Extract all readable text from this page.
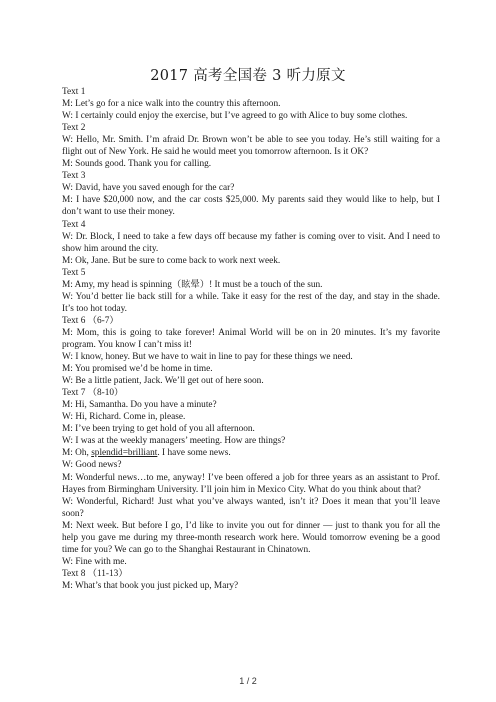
2017 高考全国卷 3 听力原文
Text 1
M: Let’s go for a nice walk into the country this afternoon.
W: I certainly could enjoy the exercise, but I’ve agreed to go with Alice to buy some clothes.
Text 2
W: Hello, Mr. Smith. I’m afraid Dr. Brown won’t be able to see you today. He’s still waiting for a flight out of New York. He said he would meet you tomorrow afternoon. Is it OK?
M: Sounds good. Thank you for calling.
Text 3
W: David, have you saved enough for the car?
M: I have $20,000 now, and the car costs $25,000. My parents said they would like to help, but I don’t want to use their money.
Text 4
W: Dr. Block, I need to take a few days off because my father is coming over to visit. And I need to show him around the city.
M: Ok, Jane. But be sure to come back to work next week.
Text 5
M: Amy, my head is spinning（眩晕）! It must be a touch of the sun.
W: You’d better lie back still for a while. Take it easy for the rest of the day, and stay in the shade. It’s too hot today.
Text 6 （6-7）
M: Mom, this is going to take forever! Animal World will be on in 20 minutes. It’s my favorite program. You know I can’t miss it!
W: I know, honey. But we have to wait in line to pay for these things we need.
M: You promised we’d be home in time.
W: Be a little patient, Jack. We’ll get out of here soon.
Text 7 （8-10）
M: Hi, Samantha. Do you have a minute?
W: Hi, Richard. Come in, please.
M: I’ve been trying to get hold of you all afternoon.
W: I was at the weekly managers’ meeting. How are things?
M: Oh, splendid=brilliant. I have some news.
W: Good news?
M: Wonderful news…to me, anyway! I’ve been offered a job for three years as an assistant to Prof. Hayes from Birmingham University. I’ll join him in Mexico City. What do you think about that?
W: Wonderful, Richard! Just what you’ve always wanted, isn’t it? Does it mean that you’ll leave soon?
M: Next week. But before I go, I’d like to invite you out for dinner — just to thank you for all the help you gave me during my three-month research work here. Would tomorrow evening be a good time for you? We can go to the Shanghai Restaurant in Chinatown.
W: Fine with me.
Text 8 （11-13）
M: What’s that book you just picked up, Mary?
1 / 2
